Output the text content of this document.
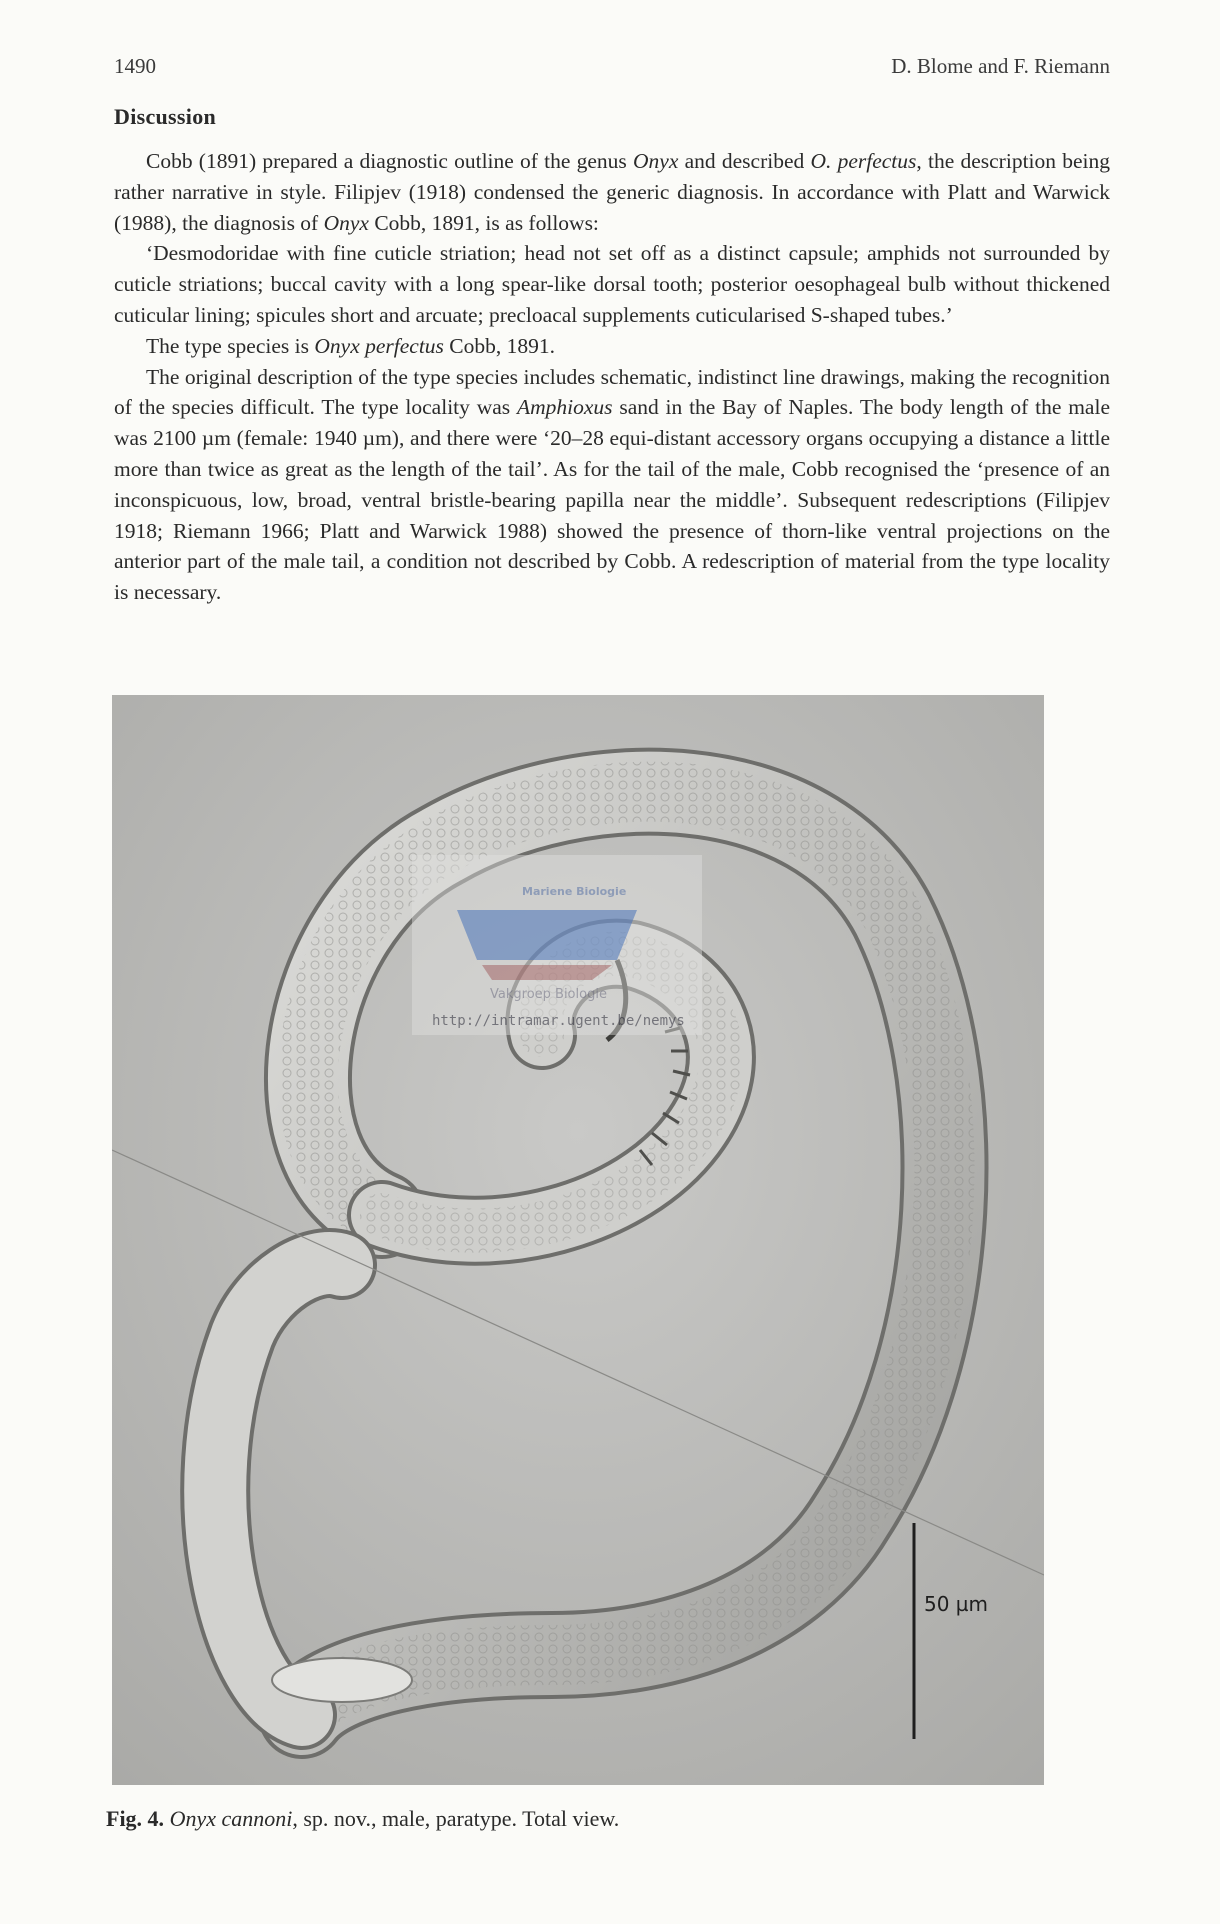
1490	D. Blome and F. Riemann
Discussion

Cobb (1891) prepared a diagnostic outline of the genus Onyx and described O. perfectus, the description being rather narrative in style. Filipjev (1918) condensed the generic diagnosis. In accordance with Platt and Warwick (1988), the diagnosis of Onyx Cobb, 1891, is as follows:

‘Desmodoridae with fine cuticle striation; head not set off as a distinct capsule; amphids not surrounded by cuticle striations; buccal cavity with a long spear-like dorsal tooth; posterior oesophageal bulb without thickened cuticular lining; spicules short and arcuate; precloacal supplements cuticularised S-shaped tubes.’

The type species is Onyx perfectus Cobb, 1891.

The original description of the type species includes schematic, indistinct line drawings, making the recognition of the species difficult. The type locality was Amphioxus sand in the Bay of Naples. The body length of the male was 2100 µm (female: 1940 µm), and there were ‘20–28 equi-distant accessory organs occupying a distance a little more than twice as great as the length of the tail’. As for the tail of the male, Cobb recognised the ‘presence of an inconspicuous, low, broad, ventral bristle-bearing papilla near the middle’. Subsequent redescriptions (Filipjev 1918; Riemann 1966; Platt and Warwick 1988) showed the presence of thorn-like ventral projections on the anterior part of the male tail, a condition not described by Cobb. A redescription of material from the type locality is necessary.

Mariene Biologie
Vakgroep Biologie
http://intramar.ugent.be/nemys
50 µm
Fig. 4. Onyx cannoni, sp. nov., male, paratype. Total view.
